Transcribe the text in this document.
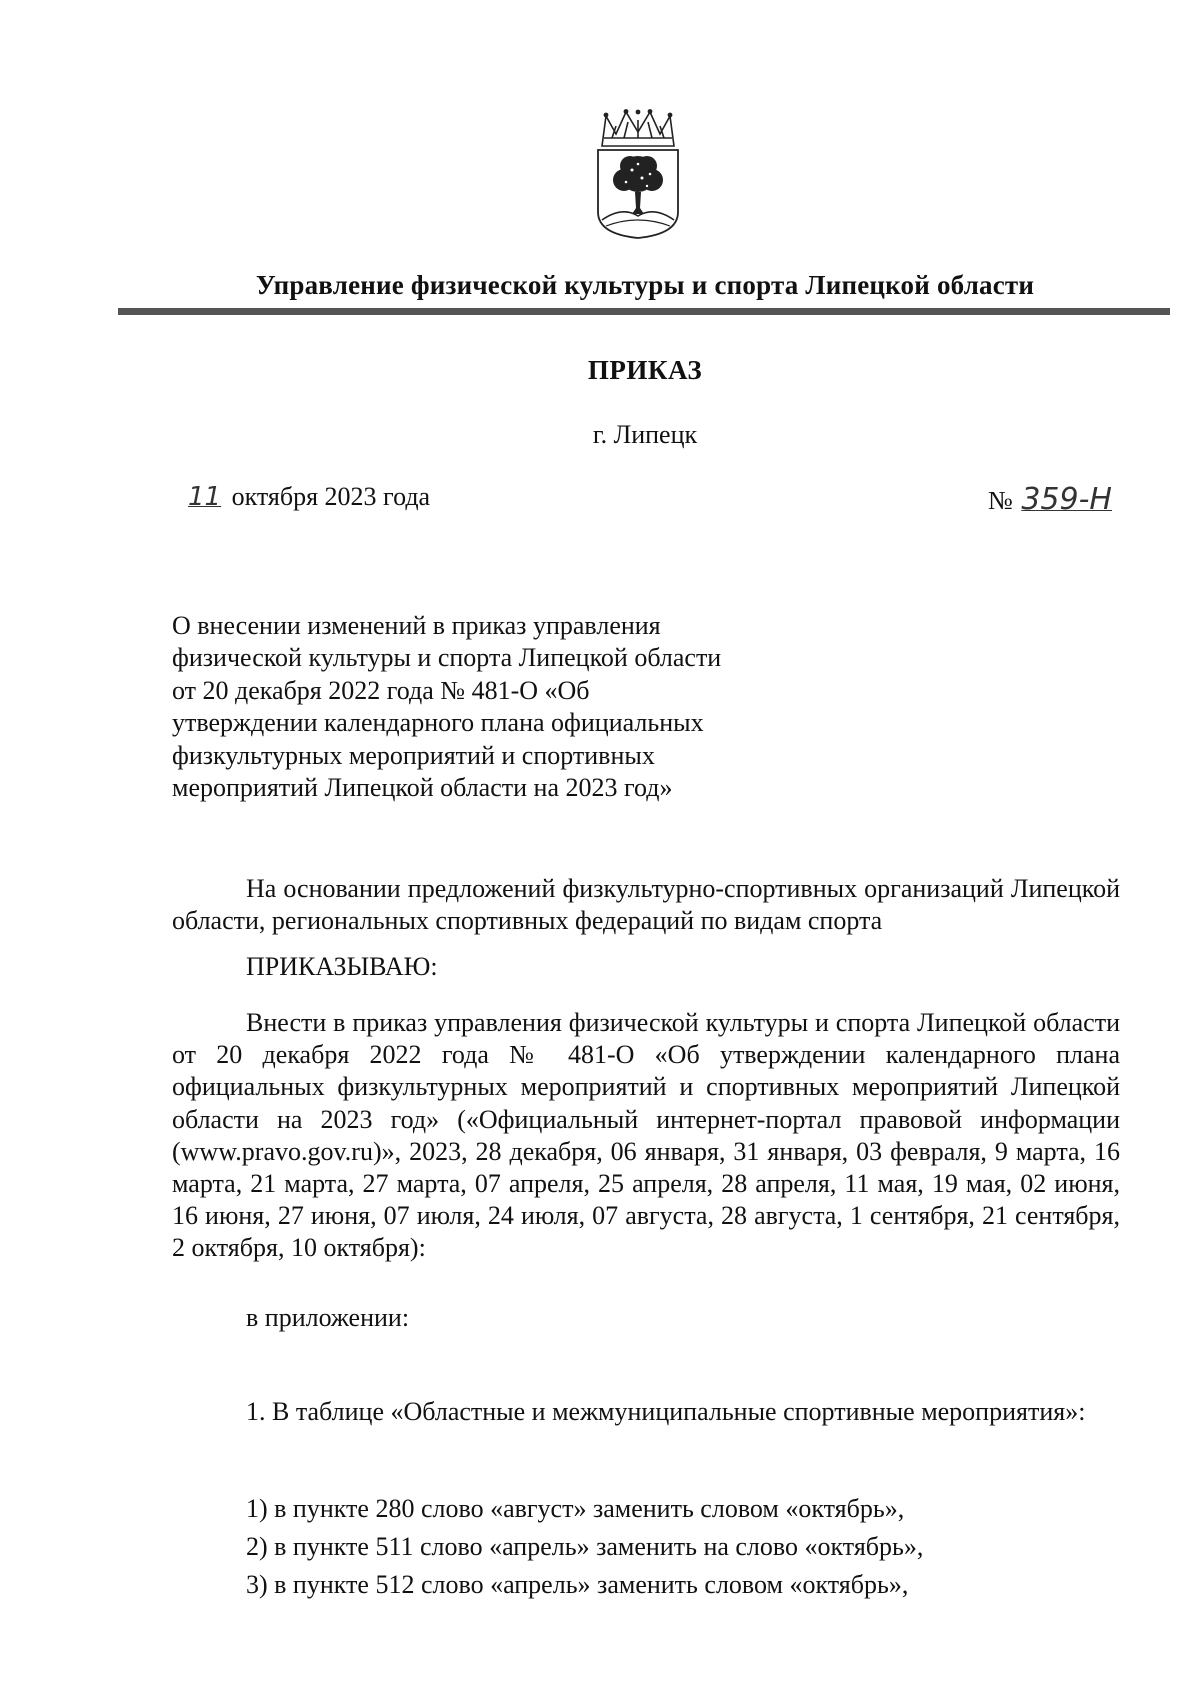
Управление физической культуры и спорта Липецкой области
ПРИКАЗ
г. Липецк
11 октября 2023 года	№ 359-Н
О внесении изменений в приказ управления физической культуры и спорта Липецкой области от 20 декабря 2022 года № 481-О «Об утверждении календарного плана официальных физкультурных мероприятий и спортивных мероприятий Липецкой области на 2023 год»
На основании предложений физкультурно-спортивных организаций Липецкой области, региональных спортивных федераций по видам спорта
ПРИКАЗЫВАЮ:
Внести в приказ управления физической культуры и спорта Липецкой области от 20 декабря 2022 года № 481-О «Об утверждении календарного плана официальных физкультурных мероприятий и спортивных мероприятий Липецкой области на 2023 год» («Официальный интернет-портал правовой информации (www.pravo.gov.ru)», 2023, 28 декабря, 06 января, 31 января, 03 февраля, 9 марта, 16 марта, 21 марта, 27 марта, 07 апреля, 25 апреля, 28 апреля, 11 мая, 19 мая, 02 июня, 16 июня, 27 июня, 07 июля, 24 июля, 07 августа, 28 августа, 1 сентября, 21 сентября, 2 октября, 10 октября):
в приложении:
1. В таблице «Областные и межмуниципальные спортивные мероприятия»:
1) в пункте 280 слово «август» заменить словом «октябрь»,
2) в пункте 511 слово «апрель» заменить на слово «октябрь»,
3) в пункте 512 слово «апрель» заменить словом «октябрь»,
